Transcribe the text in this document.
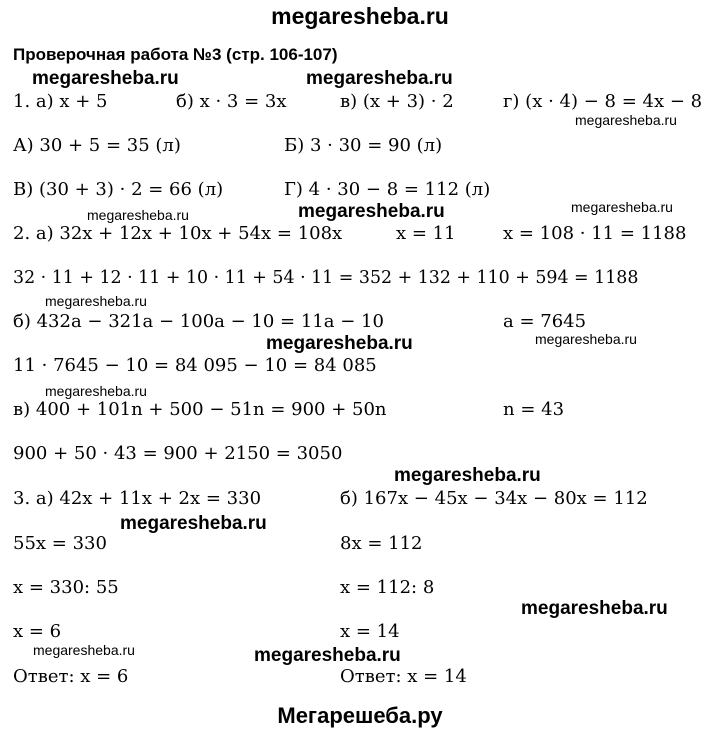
megaresheba.ru
Проверочная работа №3 (стр. 106-107)
1. а) x + 5	б) x · 3 = 3x	в) (x + 3) · 2	г) (x · 4) − 8 = 4x − 8
А) 30 + 5 = 35 (л)	Б) 3 · 30 = 90 (л)
В) (30 + 3) · 2 = 66 (л)	Г) 4 · 30 − 8 = 112 (л)
2. а) 32x + 12x + 10x + 54x = 108x	x = 11	x = 108 · 11 = 1188
32 · 11 + 12 · 11 + 10 · 11 + 54 · 11 = 352 + 132 + 110 + 594 = 1188
б) 432a − 321a − 100a − 10 = 11a − 10	a = 7645
11 · 7645 − 10 = 84 095 − 10 = 84 085
в) 400 + 101n + 500 − 51n = 900 + 50n	n = 43
900 + 50 · 43 = 900 + 2150 = 3050
3. а) 42x + 11x + 2x = 330	б) 167x − 45x − 34x − 80x = 112
55x = 330	8x = 112
x = 330: 55	x = 112: 8
x = 6	x = 14
Ответ: x = 6	Ответ: x = 14
megaresheba.ru	megaresheba.ru
megaresheba.ru
megaresheba.ru
megaresheba.ru	megaresheba.ru
megaresheba.ru
megaresheba.ru	megaresheba.ru
megaresheba.ru
megaresheba.ru
megaresheba.ru
megaresheba.ru
megaresheba.ru	megaresheba.ru
Мегарешеба.ру
